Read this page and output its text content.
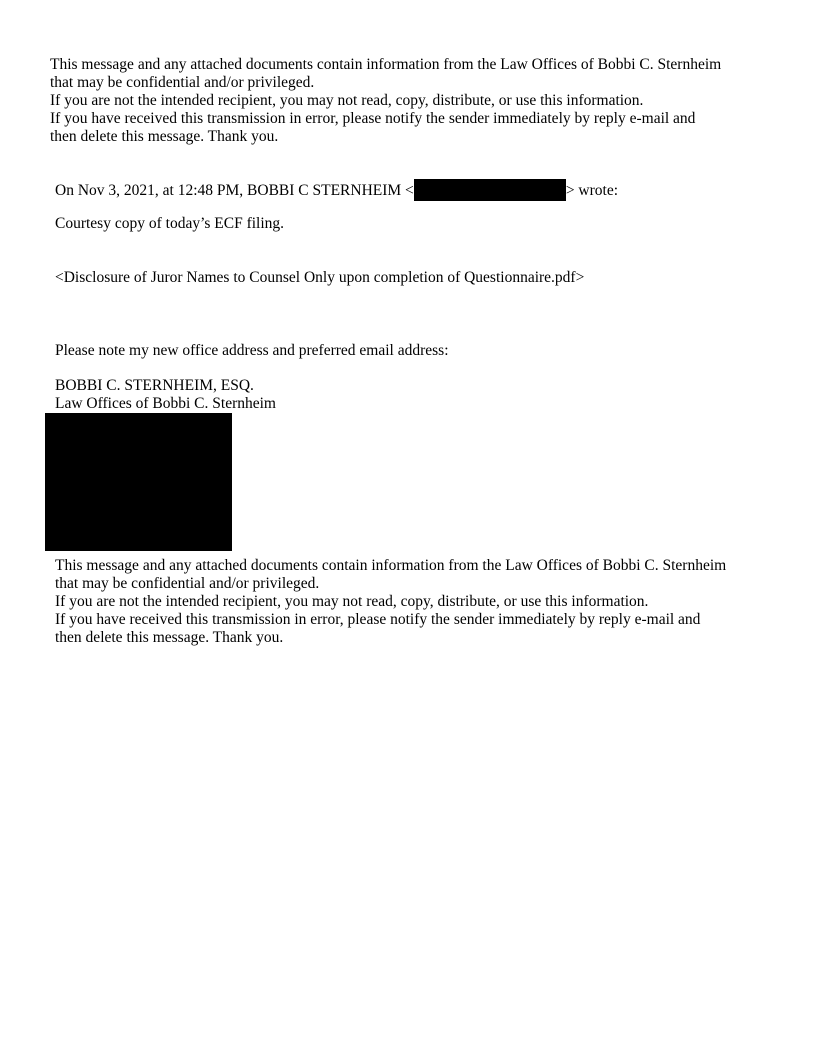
This message and any attached documents contain information from the Law Offices of Bobbi C. Sternheim
that may be confidential and/or privileged.
If you are not the intended recipient, you may not read, copy, distribute, or use this information.
If you have received this transmission in error, please notify the sender immediately by reply e-mail and
then delete this message. Thank you.
On Nov 3, 2021, at 12:48 PM, BOBBI C STERNHEIM <	> wrote:
Courtesy copy of today’s ECF filing.
<Disclosure of Juror Names to Counsel Only upon completion of Questionnaire.pdf>
Please note my new office address and preferred email address:
BOBBI C. STERNHEIM, ESQ.
Law Offices of Bobbi C. Sternheim
This message and any attached documents contain information from the Law Offices of Bobbi C. Sternheim
that may be confidential and/or privileged.
If you are not the intended recipient, you may not read, copy, distribute, or use this information.
If you have received this transmission in error, please notify the sender immediately by reply e-mail and
then delete this message. Thank you.
